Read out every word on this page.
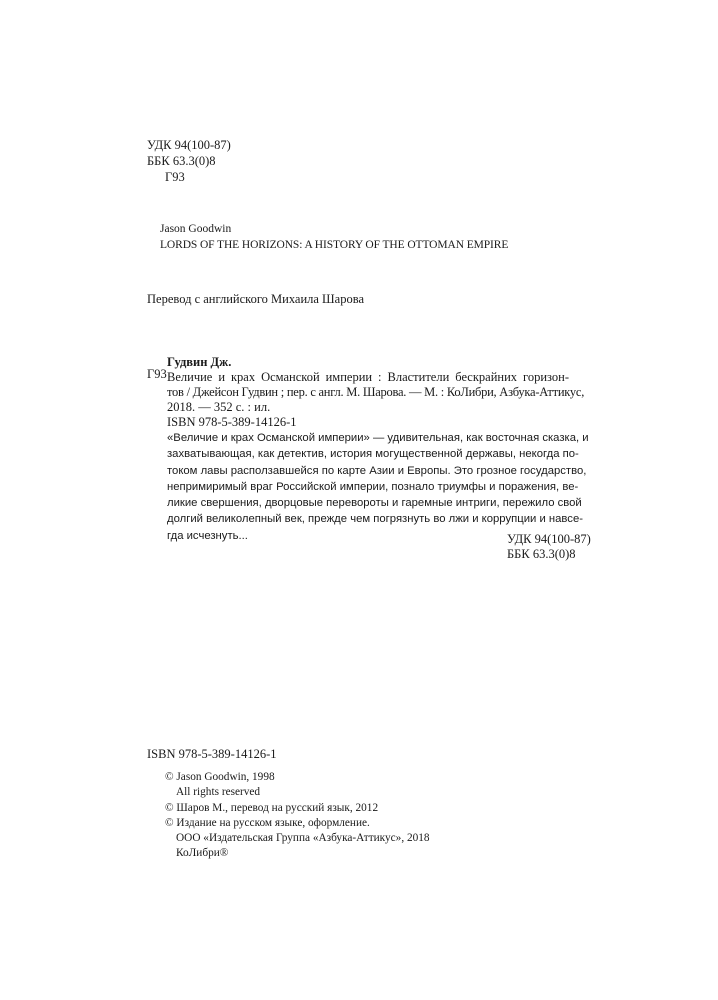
УДК 94(100-87)
ББК 63.3(0)8
Г93
Jason Goodwin
LORDS OF THE HORIZONS: A HISTORY OF THE OTTOMAN EMPIRE
Перевод с английского Михаила Шарова
Г93
Гудвин Дж.
Величие и крах Османской империи : Властители бескрайних горизон-
тов / Джейсон Гудвин ; пер. с англ. М. Шарова. — М. : КоЛибри, Азбука-Аттикус,
2018. — 352 с. : ил.
ISBN 978-5-389-14126-1
«Величие и крах Османской империи» — удивительная, как восточная сказка, и
захватывающая, как детектив, история могущественной державы, некогда по-
током лавы расползавшейся по карте Азии и Европы. Это грозное государство,
непримиримый враг Российской империи, познало триумфы и поражения, ве-
ликие свершения, дворцовые перевороты и гаремные интриги, пережило свой
долгий великолепный век, прежде чем погрязнуть во лжи и коррупции и навсе-
гда исчезнуть...	УДК 94(100-87)
ББК 63.3(0)8
ISBN 978-5-389-14126-1
© Jason Goodwin, 1998
All rights reserved
© Шаров М., перевод на русский язык, 2012
© Издание на русском языке, оформление.
ООО «Издательская Группа «Азбука-Аттикус», 2018
КоЛибри®
